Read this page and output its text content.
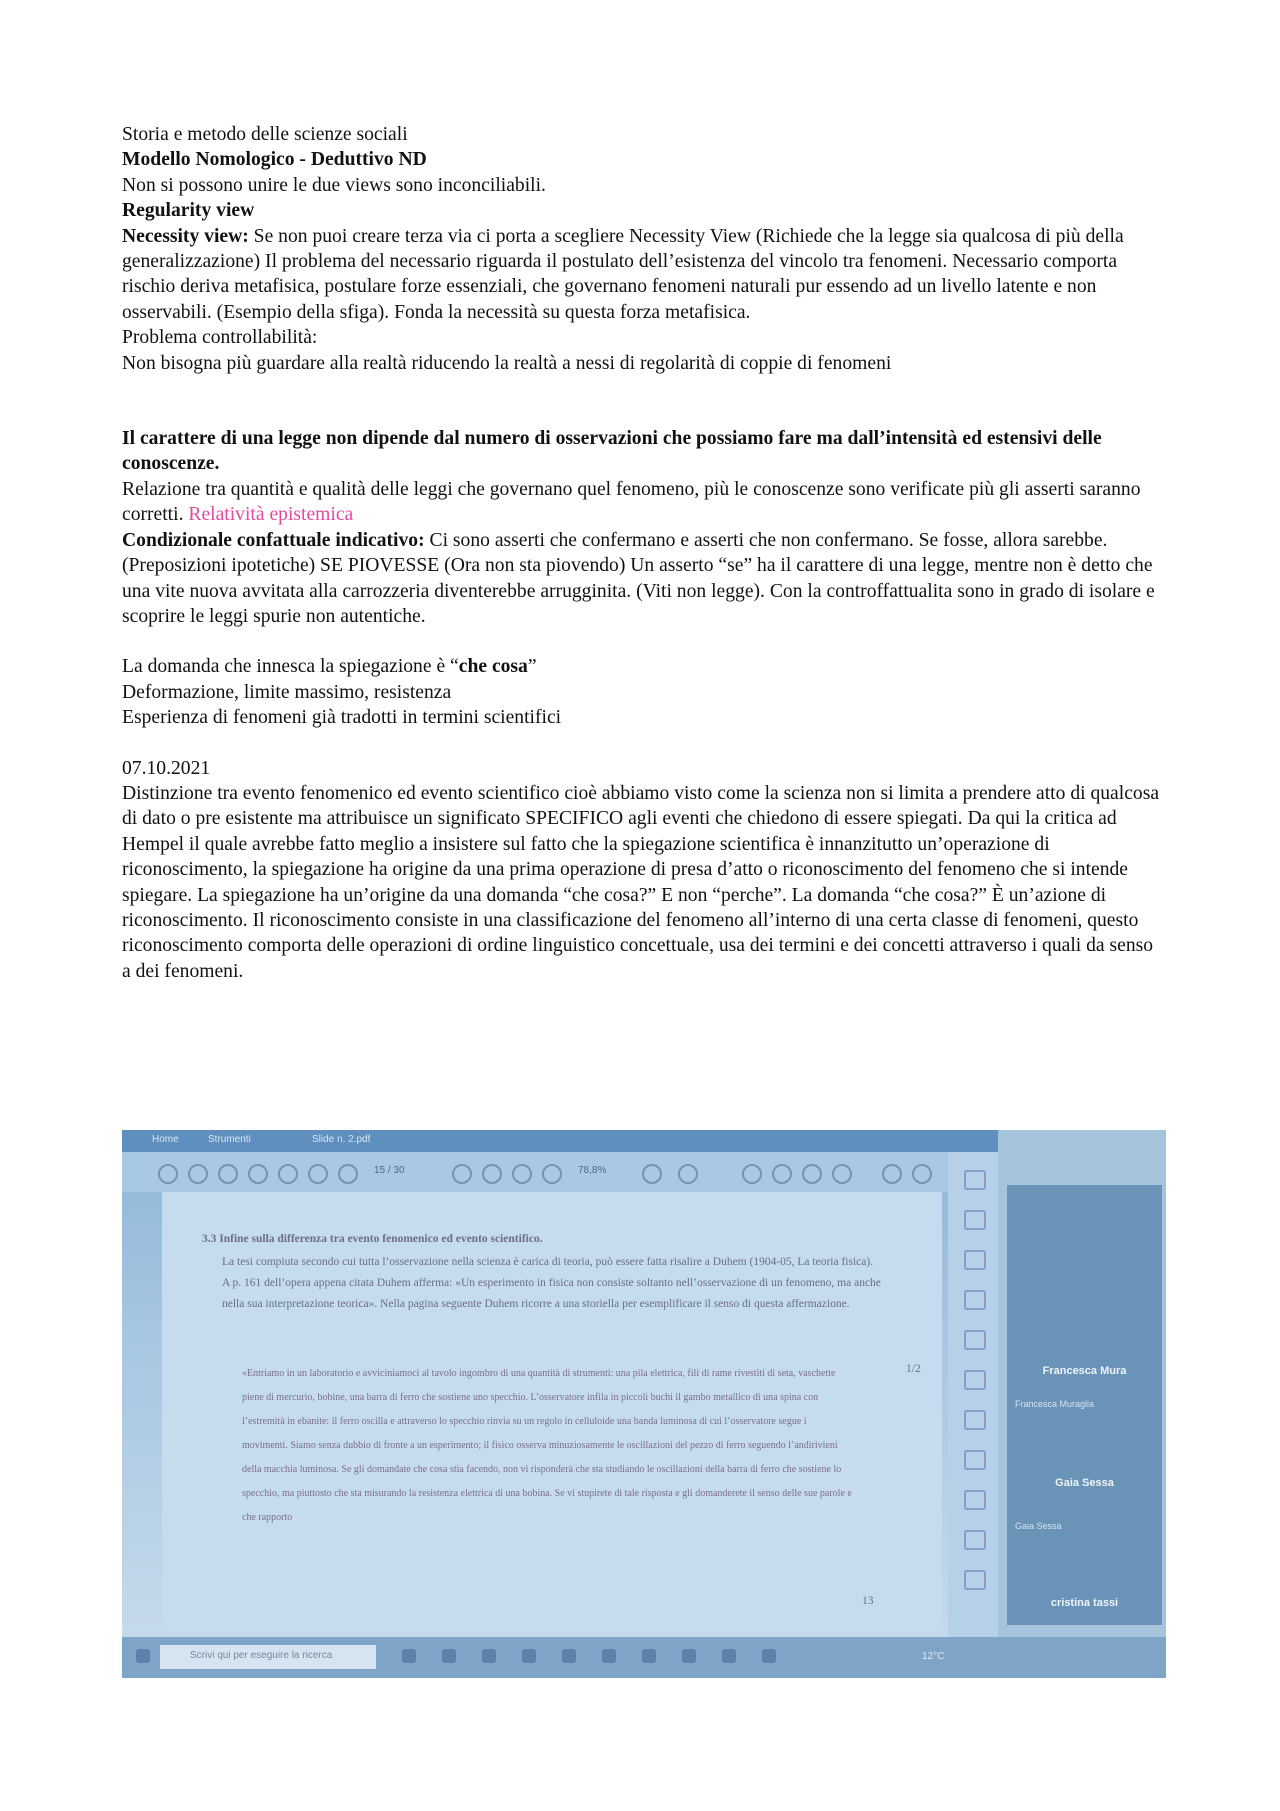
Storia e metodo delle scienze sociali
Modello Nomologico - Deduttivo ND
Non si possono unire le due views sono inconciliabili.
Regularity view
Necessity view: Se non puoi creare terza via ci porta a scegliere Necessity View (Richiede che la legge sia qualcosa di più della generalizzazione) Il problema del necessario riguarda il postulato dell’esistenza del vincolo tra fenomeni. Necessario comporta rischio deriva metafisica, postulare forze essenziali, che governano fenomeni naturali pur essendo ad un livello latente e non osservabili. (Esempio della sfiga). Fonda la necessità su questa forza metafisica.
Problema controllabilità:
Non bisogna più guardare alla realtà riducendo la realtà a nessi di regolarità di coppie di fenomeni
Il carattere di una legge non dipende dal numero di osservazioni che possiamo fare ma dall’intensità ed estensivi delle conoscenze.
Relazione tra quantità e qualità delle leggi che governano quel fenomeno, più le conoscenze sono verificate più gli asserti saranno corretti. Relatività epistemica
Condizionale confattuale indicativo: Ci sono asserti che confermano e asserti che non confermano. Se fosse, allora sarebbe. (Preposizioni ipotetiche) SE PIOVESSE (Ora non sta piovendo) Un asserto “se” ha il carattere di una legge, mentre non è detto che una vite nuova avvitata alla carrozzeria diventerebbe arrugginita. (Viti non legge). Con la controffattualita sono in grado di isolare e scoprire le leggi spurie non autentiche.
La domanda che innesca la spiegazione è “che cosa”
Deformazione, limite massimo, resistenza
Esperienza di fenomeni già tradotti in termini scientifici
07.10.2021
Distinzione tra evento fenomenico ed evento scientifico cioè abbiamo visto come la scienza non si limita a prendere atto di qualcosa di dato o pre esistente ma attribuisce un significato SPECIFICO agli eventi che chiedono di essere spiegati. Da qui la critica ad Hempel il quale avrebbe fatto meglio a insistere sul fatto che la spiegazione scientifica è innanzitutto un’operazione di riconoscimento, la spiegazione ha origine da una prima operazione di presa d’atto o riconoscimento del fenomeno che si intende spiegare. La spiegazione ha un’origine da una domanda “che cosa?” E non “perche”. La domanda “che cosa?” È un’azione di riconoscimento. Il riconoscimento consiste in una classificazione del fenomeno all’interno di una certa classe di fenomeni, questo riconoscimento comporta delle operazioni di ordine linguistico concettuale, usa dei termini e dei concetti attraverso i quali da senso a dei fenomeni.
Home	Strumenti	Slide n. 2.pdf
15 / 30	78,8%
3.3 Infine sulla differenza tra evento fenomenico ed evento scientifico.
La tesi compiuta secondo cui tutta l’osservazione nella scienza è carica di teoria, può essere fatta risalire a Duhem (1904-05, La teoria fisica). A p. 161 dell’opera appena citata Duhem afferma: «Un esperimento in fisica non consiste soltanto nell’osservazione di un fenomeno, ma anche nella sua interpretazione teorica». Nella pagina seguente Duhem ricorre a una storiella per esemplificare il senso di questa affermazione.
«Entriamo in un laboratorio e avviciniamoci al tavolo ingombro di una quantità di strumenti: una pila elettrica, fili di rame rivestiti di seta, vaschette piene di mercurio, bobine, una barra di ferro che sostiene uno specchio. L’osservatore infila in piccoli buchi il gambo metallico di una spina con l’estremità in ebanite: il ferro oscilla e attraverso lo specchio rinvia su un regolo in celluloide una banda luminosa di cui l’osservatore segue i movimenti. Siamo senza dubbio di fronte a un esperimento; il fisico osserva minuziosamente le oscillazioni del pezzo di ferro seguendo l’andirivieni della macchia luminosa. Se gli domandate che cosa stia facendo, non vi risponderà che sta studiando le oscillazioni della barra di ferro che sostiene lo specchio, ma piuttosto che sta misurando la resistenza elettrica di una bobina. Se vi stupirete di tale risposta e gli domanderete il senso delle sue parole e che rapporto
13
1/2	Francesca Mura
Francesca Muraglia
Gaia Sessa
Gaia Sessa
cristina tassi
Scrivi qui per eseguire la ricerca	12°C
